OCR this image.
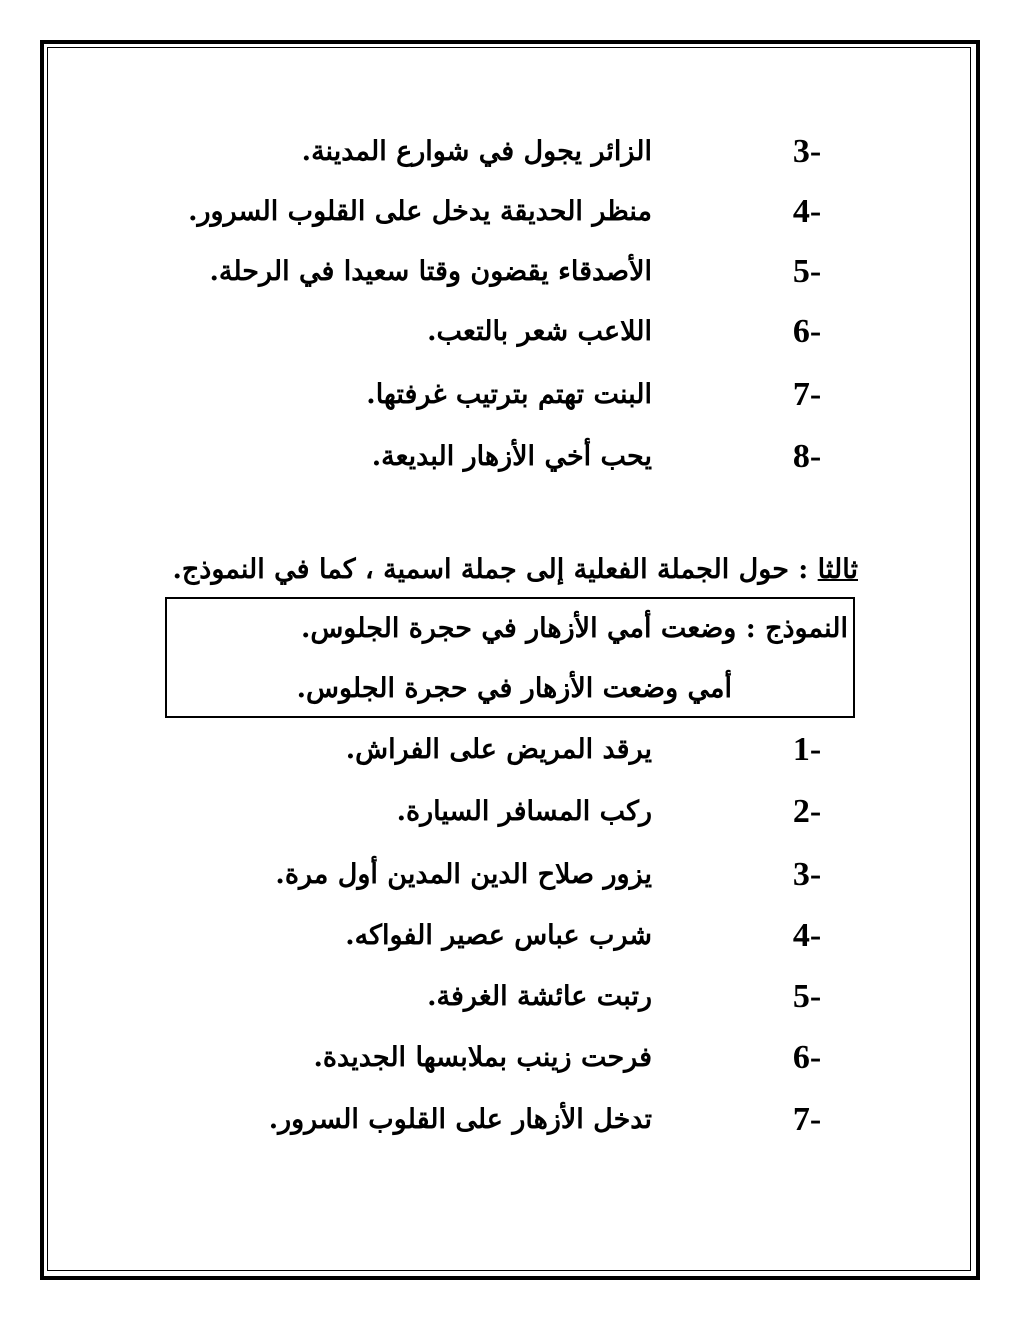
3-
الزائر يجول في شوارع المدينة.
4-
منظر الحديقة يدخل على القلوب السرور.
5-
الأصدقاء يقضون وقتا سعيدا في الرحلة.
6-
اللاعب شعر بالتعب.
7-
البنت تهتم بترتيب غرفتها.
8-
يحب أخي الأزهار البديعة.
ثالثا : حول الجملة الفعلية إلى جملة اسمية ، كما في النموذج.
النموذج : وضعت أمي الأزهار في حجرة الجلوس.
أمي وضعت الأزهار في حجرة الجلوس.
1-
يرقد المريض على الفراش.
2-
ركب المسافر السيارة.
3-
يزور صلاح الدين المدين أول مرة.
4-
شرب عباس عصير الفواكه.
5-
رتبت عائشة الغرفة.
6-
فرحت زينب بملابسها الجديدة.
7-
تدخل الأزهار على القلوب السرور.
